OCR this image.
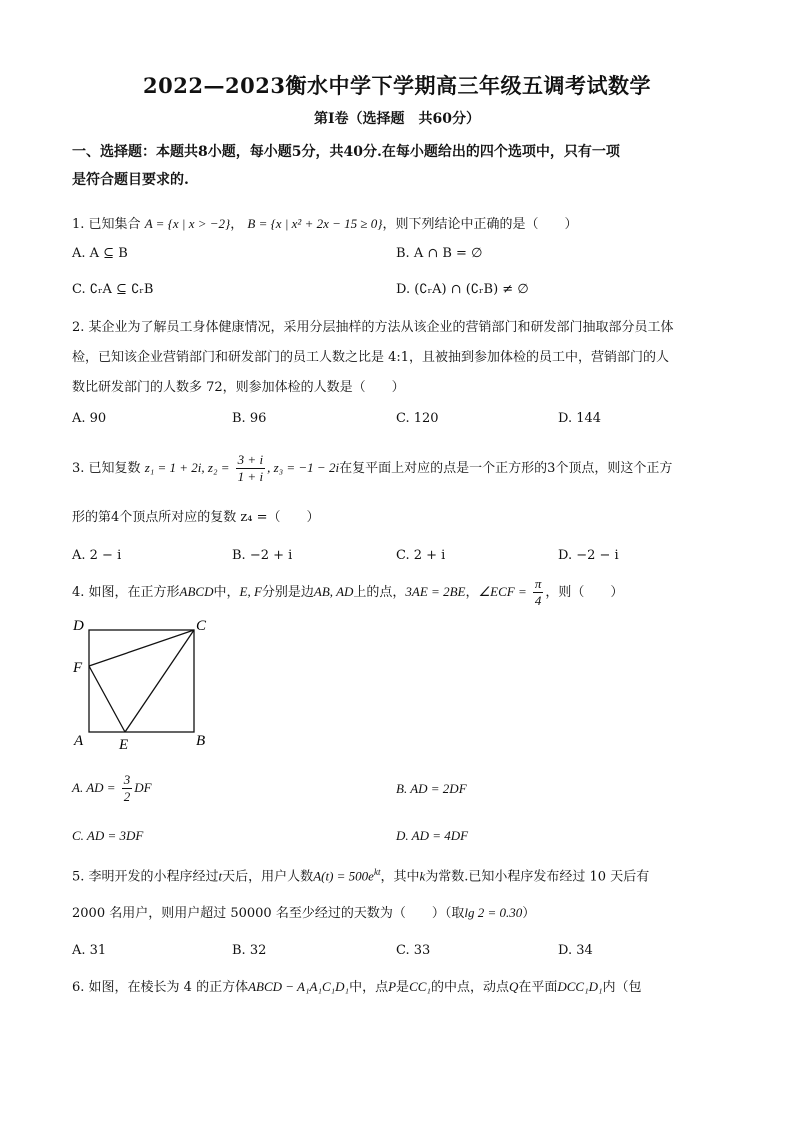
2022—2023衡水中学下学期高三年级五调考试数学
第Ⅰ卷（选择题　共60分）
一、选择题：本题共8小题，每小题5分，共40分.在每小题给出的四个选项中，只有一项
是符合题目要求的.
1. 已知集合 A = {x | x > −2}， B = {x | x² + 2x − 15 ≥ 0}，则下列结论中正确的是（　　）
A. A ⊆ B	B. A ∩ B = ∅
C. ∁ᵣA ⊆ ∁ᵣB	D. (∁ᵣA) ∩ (∁ᵣB) ≠ ∅
2. 某企业为了解员工身体健康情况，采用分层抽样的方法从该企业的营销部门和研发部门抽取部分员工体
检，已知该企业营销部门和研发部门的员工人数之比是 4:1，且被抽到参加体检的员工中，营销部门的人
数比研发部门的人数多 72，则参加体检的人数是（　　）
A. 90	B. 96	C. 120	D. 144
3. 已知复数 z₁ = 1 + 2i, $z_2 = \frac{3 + i}{1 + i}$ , z₃ = −1 − 2i在复平面上对应的点是一个正方形的3个顶点，则这个正方
形的第4个顶点所对应的复数 z₄ =（　　）
A. 2 − i	B. −2 + i	C. 2 + i	D. −2 − i
4. 如图，在正方形ABCD中，E, F分别是边AB, AD上的点，3AE = 2BE，∠ECF = $\frac{\pi}{4}$ ，则（　　）
D	C
F
A E	B
A. AD = $\frac{3}{2}$ DF	B. AD = 2DF
C. AD = 3DF	D. AD = 4DF
5. 李明开发的小程序经过t天后，用户人数$A(t) = 500e^{kt}$，其中k为常数.已知小程序发布经过 10 天后有
2000 名用户，则用户超过 50000 名至少经过的天数为（　　）（取lg 2 = 0.30）
A. 31	B. 32	C. 33	D. 34
6. 如图，在棱长为 4 的正方体ABCD − A₁A₁C₁D₁中，点P是CC₁的中点，动点Q在平面DCC₁D₁内（包
